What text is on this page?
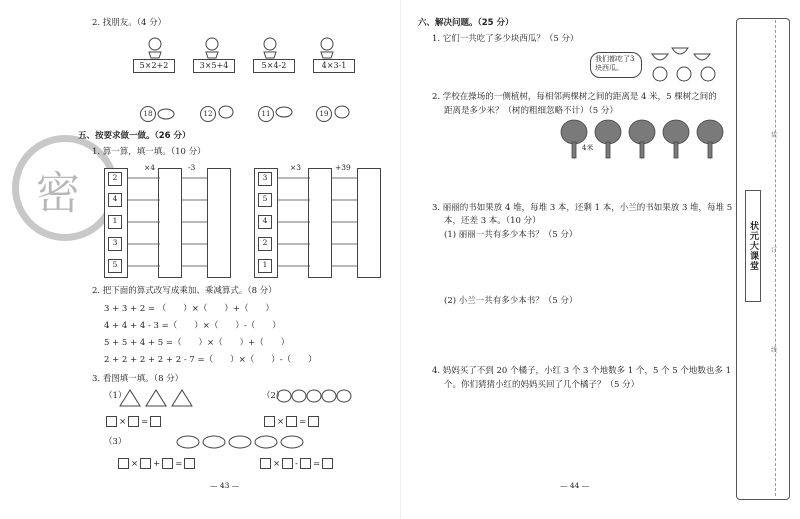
密
2. 找朋友。（4 分）
5×2+2	3×5+4	5×4-2	4×3-1
18	12	11	19
五、按要求做一做。（26 分）
1. 算一算，填一填。（10 分）
×4	-3
2
4
1
3
5
×3	+39
3
5
4
2
1
2. 把下面的算式改写成乘加、乘减算式。（8 分）
3 + 3 + 2 = （　　）×（　　）+（　　）
4 + 4 + 4 - 3 =（　　）×（　　）-（　　）
5 + 5 + 4 + 5 =（　　）×（　　）+（　　）
2 + 2 + 2 + 2 + 2 - 7 =（　　）×（　　）-（　　）
3. 看图填一填。（8 分）
（1）	（2）
× =	× =
（3）
× + =	× - =
— 43 —
六、解决问题。（25 分）
1. 它们一共吃了多少块西瓜？（5 分）
我们都吃了3块西瓜。
2. 学校在操场的一侧植树，每相邻两棵树之间的距离是 4 米，5 棵树之间的
距离是多少米？（树的粗细忽略不计）（5 分）
4米
3. 丽丽的书如果放 4 堆，每堆 3 本，还剩 1 本，小兰的书如果放 3 堆，每堆 5
本，还差 3 本。（10 分）
(1) 丽丽一共有多少本书？（5 分）
(2) 小兰一共有多少本书？（5 分）
4. 妈妈买了不到 20 个橘子，小红 3 个 3 个地数多 1 个，5 个 5 个地数也多 1
个。你们猜猜小红的妈妈买回了几个橘子？（5 分）
— 44 —
状元大课堂
装
订
线
